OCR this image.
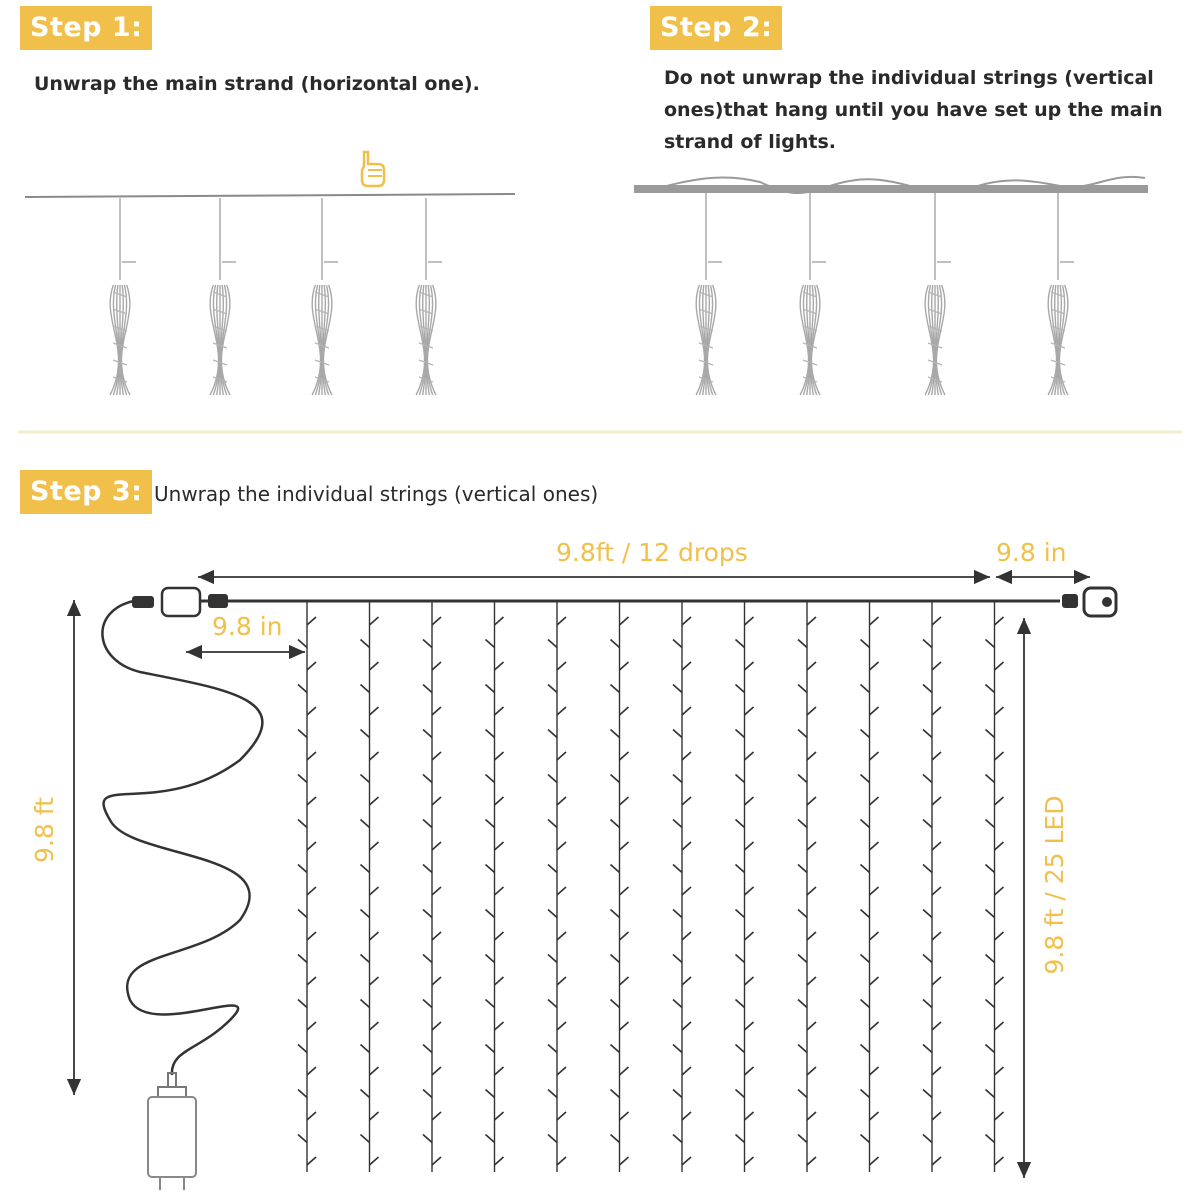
Step 1:
Unwrap the main strand (horizontal one).
Step 2:
Do not unwrap the individual strings (vertical ones)that hang until you have set up the main strand of lights.
Step 3: Unwrap the individual strings (vertical ones)
9.8ft / 12 drops	9.8 in
9.8 in
9.8 ft	9.8 ft / 25 LED
